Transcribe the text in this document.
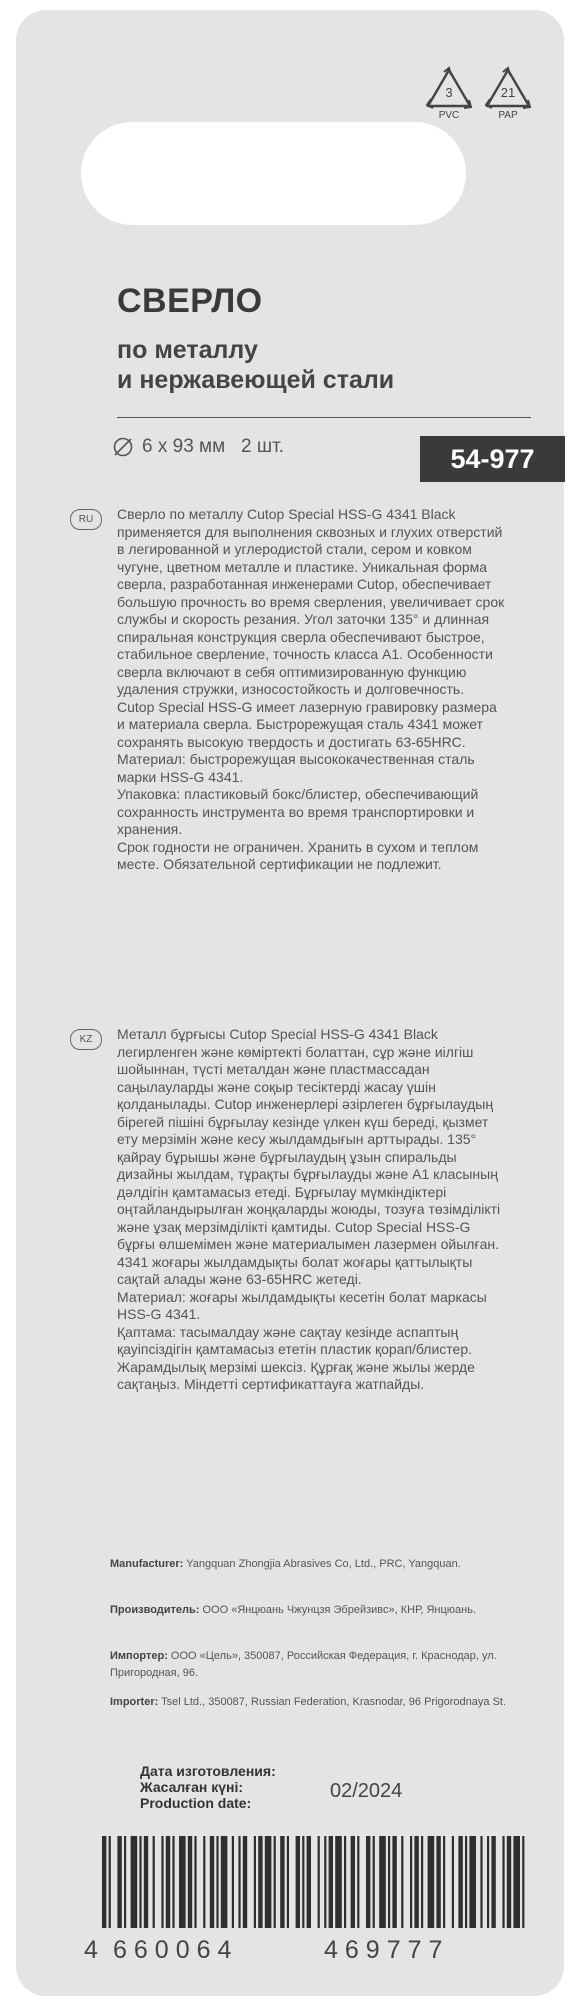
3
PVC
21
PAP
СВЕРЛО
по металлу
и нержавеющей стали
6 x 93 мм   2 шт.	54-977
RU	Сверло по металлу Cutop Special HSS-G 4341 Black применяется для выполнения сквозных и глухих отверстий в легированной и углеродистой стали, сером и ковком чугуне, цветном металле и пластике. Уникальная форма сверла, разработанная инженерами Cutop, обеспечивает большую прочность во время сверления, увеличивает срок службы и скорость резания. Угол заточки 135° и длинная спиральная конструкция сверла обеспечивают быстрое, стабильное сверление, точность класса А1. Особенности сверла включают в себя оптимизированную функцию удаления стружки, износостойкость и долговечность. Cutop Special HSS-G имеет лазерную гравировку размера и материала сверла. Быстрорежущая сталь 4341 может сохранять высокую твердость и достигать 63-65HRC.

Материал: быстрорежущая высококачественная сталь марки HSS-G 4341.

Упаковка: пластиковый бокс/блистер, обеспечивающий сохранность инструмента во время транспортировки и хранения.

Срок годности не ограничен. Хранить в сухом и теплом месте. Обязательной сертификации не подлежит.

KZ	Металл бұрғысы Cutop Special HSS-G 4341 Black легирленген және көміртекті болаттан, сұр және иілгіш шойыннан, түсті металдан және пластмассадан саңылауларды және соқыр тесіктерді жасау үшін қолданылады. Cutop инженерлері әзірлеген бұрғылаудың бірегей пішіні бұрғылау кезінде үлкен күш береді, қызмет ету мерзімін және кесу жылдамдығын арттырады. 135° қайрау бұрышы және бұрғылаудың ұзын спиральды дизайны жылдам, тұрақты бұрғылауды және А1 класының дәлдігін қамтамасыз етеді. Бұрғылау мүмкіндіктері оңтайландырылған жоңқаларды жоюды, тозуға төзімділікті және ұзақ мерзімділікті қамтиды. Cutop Special HSS-G бұрғы өлшемімен және материалымен лазермен ойылған. 4341 жоғары жылдамдықты болат жоғары қаттылықты сақтай алады және 63-65HRC жетеді.

Материал: жоғары жылдамдықты кесетін болат маркасы HSS-G 4341.

Қаптама: тасымалдау және сақтау кезінде аспаптың қауіпсіздігін қамтамасыз ететін пластик қорап/блистер.

Жарамдылық мерзімі шексіз. Құрғақ және жылы жерде сақтаңыз. Міндетті сертификаттауға жатпайды.

Manufacturer: Yangquan Zhongjia Abrasives Co, Ltd., PRC, Yangquan.
Производитель: ООО «Янцюань Чжунцзя Эбрейзивс», КНР, Янцюань.
Импортер: ООО «Цель», 350087, Российская Федерация, г. Краснодар, ул. Пригородная, 96.
Importer: Tsel Ltd., 350087, Russian Federation, Krasnodar, 96 Prigorodnaya St.
Дата изготовления:
Жасалған күні:
Production date:
02/2024
4 660064	469777
